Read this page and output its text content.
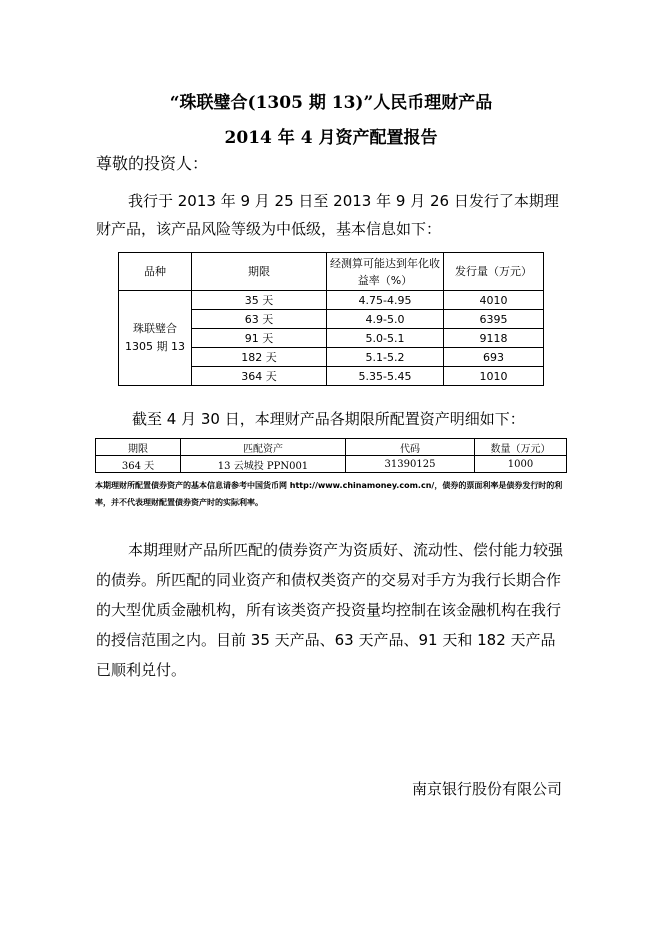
“珠联璧合(1305 期 13)”人民币理财产品
2014 年 4 月资产配置报告
尊敬的投资人：
我行于 2013 年 9 月 25 日至 2013 年 9 月 26 日发行了本期理财产品，该产品风险等级为中低级，基本信息如下：
品种	期限	经测算可能达到年化收益率（%）	发行量（万元）

珠联璧合
1305 期 13	35 天	4.75-4.95	4010
	63 天	4.9-5.0	6395
	91 天	5.0-5.1	9118
	182 天	5.1-5.2	693
	364 天	5.35-5.45	1010
截至 4 月 30 日，本理财产品各期限所配置资产明细如下：
期限	匹配资产	代码	数量（万元）
364 天	13 云城投 PPN001	31390125	1000
本期理财所配置债券资产的基本信息请参考中国货币网 http://www.chinamoney.com.cn/，债券的票面利率是债券发行时的利率，并不代表理财配置债券资产时的实际利率。
本期理财产品所匹配的债券资产为资质好、流动性、偿付能力较强的债券。所匹配的同业资产和债权类资产的交易对手方为我行长期合作的大型优质金融机构，所有该类资产投资量均控制在该金融机构在我行的授信范围之内。目前 35 天产品、63 天产品、91 天和 182 天产品已顺利兑付。
南京银行股份有限公司
